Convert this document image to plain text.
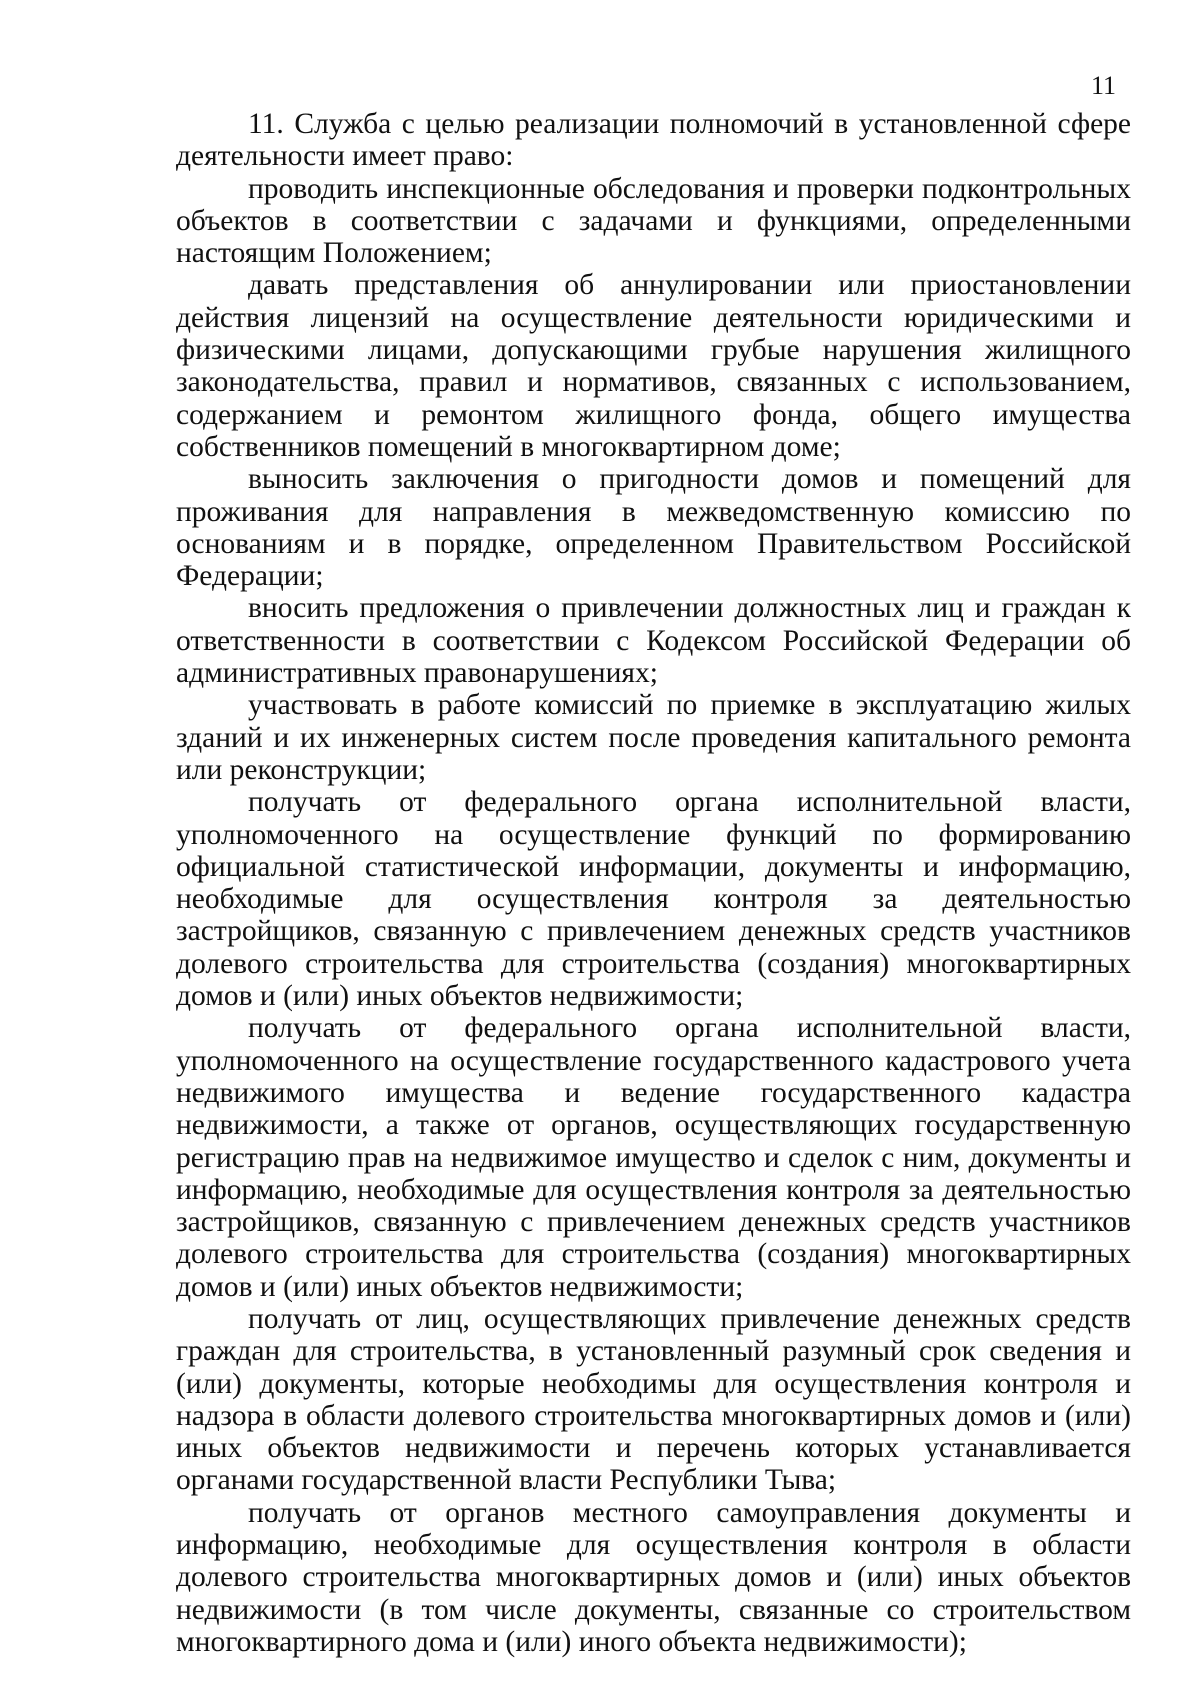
11

11. Служба с целью реализации полномочий в установленной сфере деятельности имеет право:

проводить инспекционные обследования и проверки подконтрольных объектов в соответствии с задачами и функциями, определенными настоящим Положением;

давать представления об аннулировании или приостановлении действия лицензий на осуществление деятельности юридическими и физическими лицами, допускающими грубые нарушения жилищного законодательства, правил и нормативов, связанных с использованием, содержанием и ремонтом жилищного фонда, общего имущества собственников помещений в многоквартирном доме;

выносить заключения о пригодности домов и помещений для проживания для направления в межведомственную комиссию по основаниям и в порядке, определенном Правительством Российской Федерации;

вносить предложения о привлечении должностных лиц и граждан к ответственности в соответствии с Кодексом Российской Федерации об административных правонарушениях;

участвовать в работе комиссий по приемке в эксплуатацию жилых зданий и их инженерных систем после проведения капитального ремонта или реконструкции;

получать от федерального органа исполнительной власти, уполномоченного на осуществление функций по формированию официальной статистической информации, документы и информацию, необходимые для осуществления контроля за деятельностью застройщиков, связанную с привлечением денежных средств участников долевого строительства для строительства (создания) многоквартирных домов и (или) иных объектов недвижимости;

получать от федерального органа исполнительной власти, уполномоченного на осуществление государственного кадастрового учета недвижимого имущества и ведение государственного кадастра недвижимости, а также от органов, осуществляющих государственную регистрацию прав на недвижимое имущество и сделок с ним, документы и информацию, необходимые для осуществления контроля за деятельностью застройщиков, связанную с привлечением денежных средств участников долевого строительства для строительства (создания) многоквартирных домов и (или) иных объектов недвижимости;

получать от лиц, осуществляющих привлечение денежных средств граждан для строительства, в установленный разумный срок сведения и (или) документы, которые необходимы для осуществления контроля и надзора в области долевого строительства многоквартирных домов и (или) иных объектов недвижимости и перечень которых устанавливается органами государственной власти Республики Тыва;

получать от органов местного самоуправления документы и информацию, необходимые для осуществления контроля в области долевого строительства многоквартирных домов и (или) иных объектов недвижимости (в том числе документы, связанные со строительством многоквартирного дома и (или) иного объекта недвижимости);
